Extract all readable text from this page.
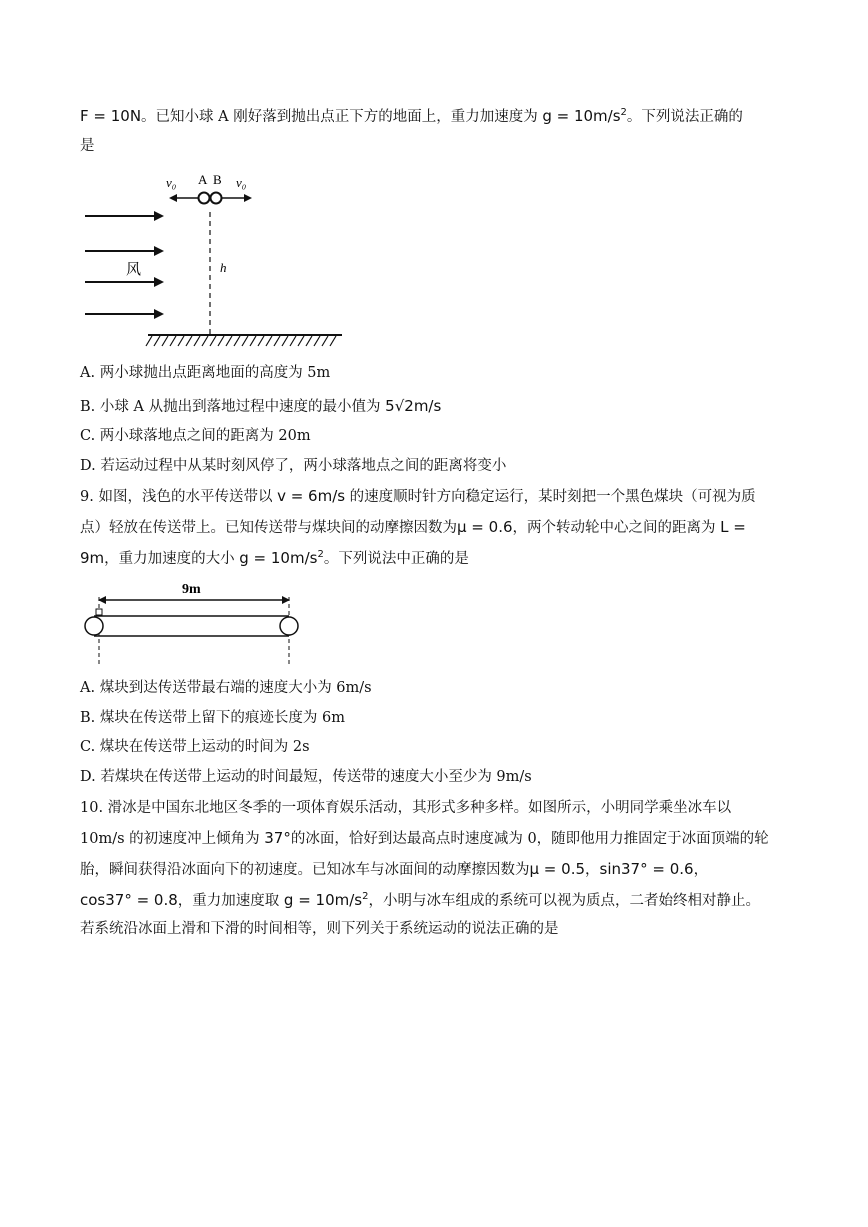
F = 10N。已知小球 A 刚好落到抛出点正下方的地面上，重力加速度为 $g = 10m/s^2$。下列说法正确的
是
v₀ A B v₀
h
风
A. 两小球抛出点距离地面的高度为 5m
B. 小球 A 从抛出到落地过程中速度的最小值为 5√2m/s
C. 两小球落地点之间的距离为 20m
D. 若运动过程中从某时刻风停了，两小球落地点之间的距离将变小
9. 如图，浅色的水平传送带以 v = 6m/s 的速度顺时针方向稳定运行，某时刻把一个黑色煤块（可视为质
点）轻放在传送带上。已知传送带与煤块间的动摩擦因数为μ = 0.6，两个转动轮中心之间的距离为 L =
9m，重力加速度的大小 $g = 10m/s^2$。下列说法中正确的是
9m
A. 煤块到达传送带最右端的速度大小为 6m/s
B. 煤块在传送带上留下的痕迹长度为 6m
C. 煤块在传送带上运动的时间为 2s
D. 若煤块在传送带上运动的时间最短，传送带的速度大小至少为 9m/s
10. 滑冰是中国东北地区冬季的一项体育娱乐活动，其形式多种多样。如图所示，小明同学乘坐冰车以
10m/s 的初速度冲上倾角为 37°的冰面，恰好到达最高点时速度减为 0，随即他用力推固定于冰面顶端的轮
胎，瞬间获得沿冰面向下的初速度。已知冰车与冰面间的动摩擦因数为μ = 0.5，sin37° = 0.6，
cos37° = 0.8，重力加速度取 $g = 10m/s^2$，小明与冰车组成的系统可以视为质点，二者始终相对静止。
若系统沿冰面上滑和下滑的时间相等，则下列关于系统运动的说法正确的是
